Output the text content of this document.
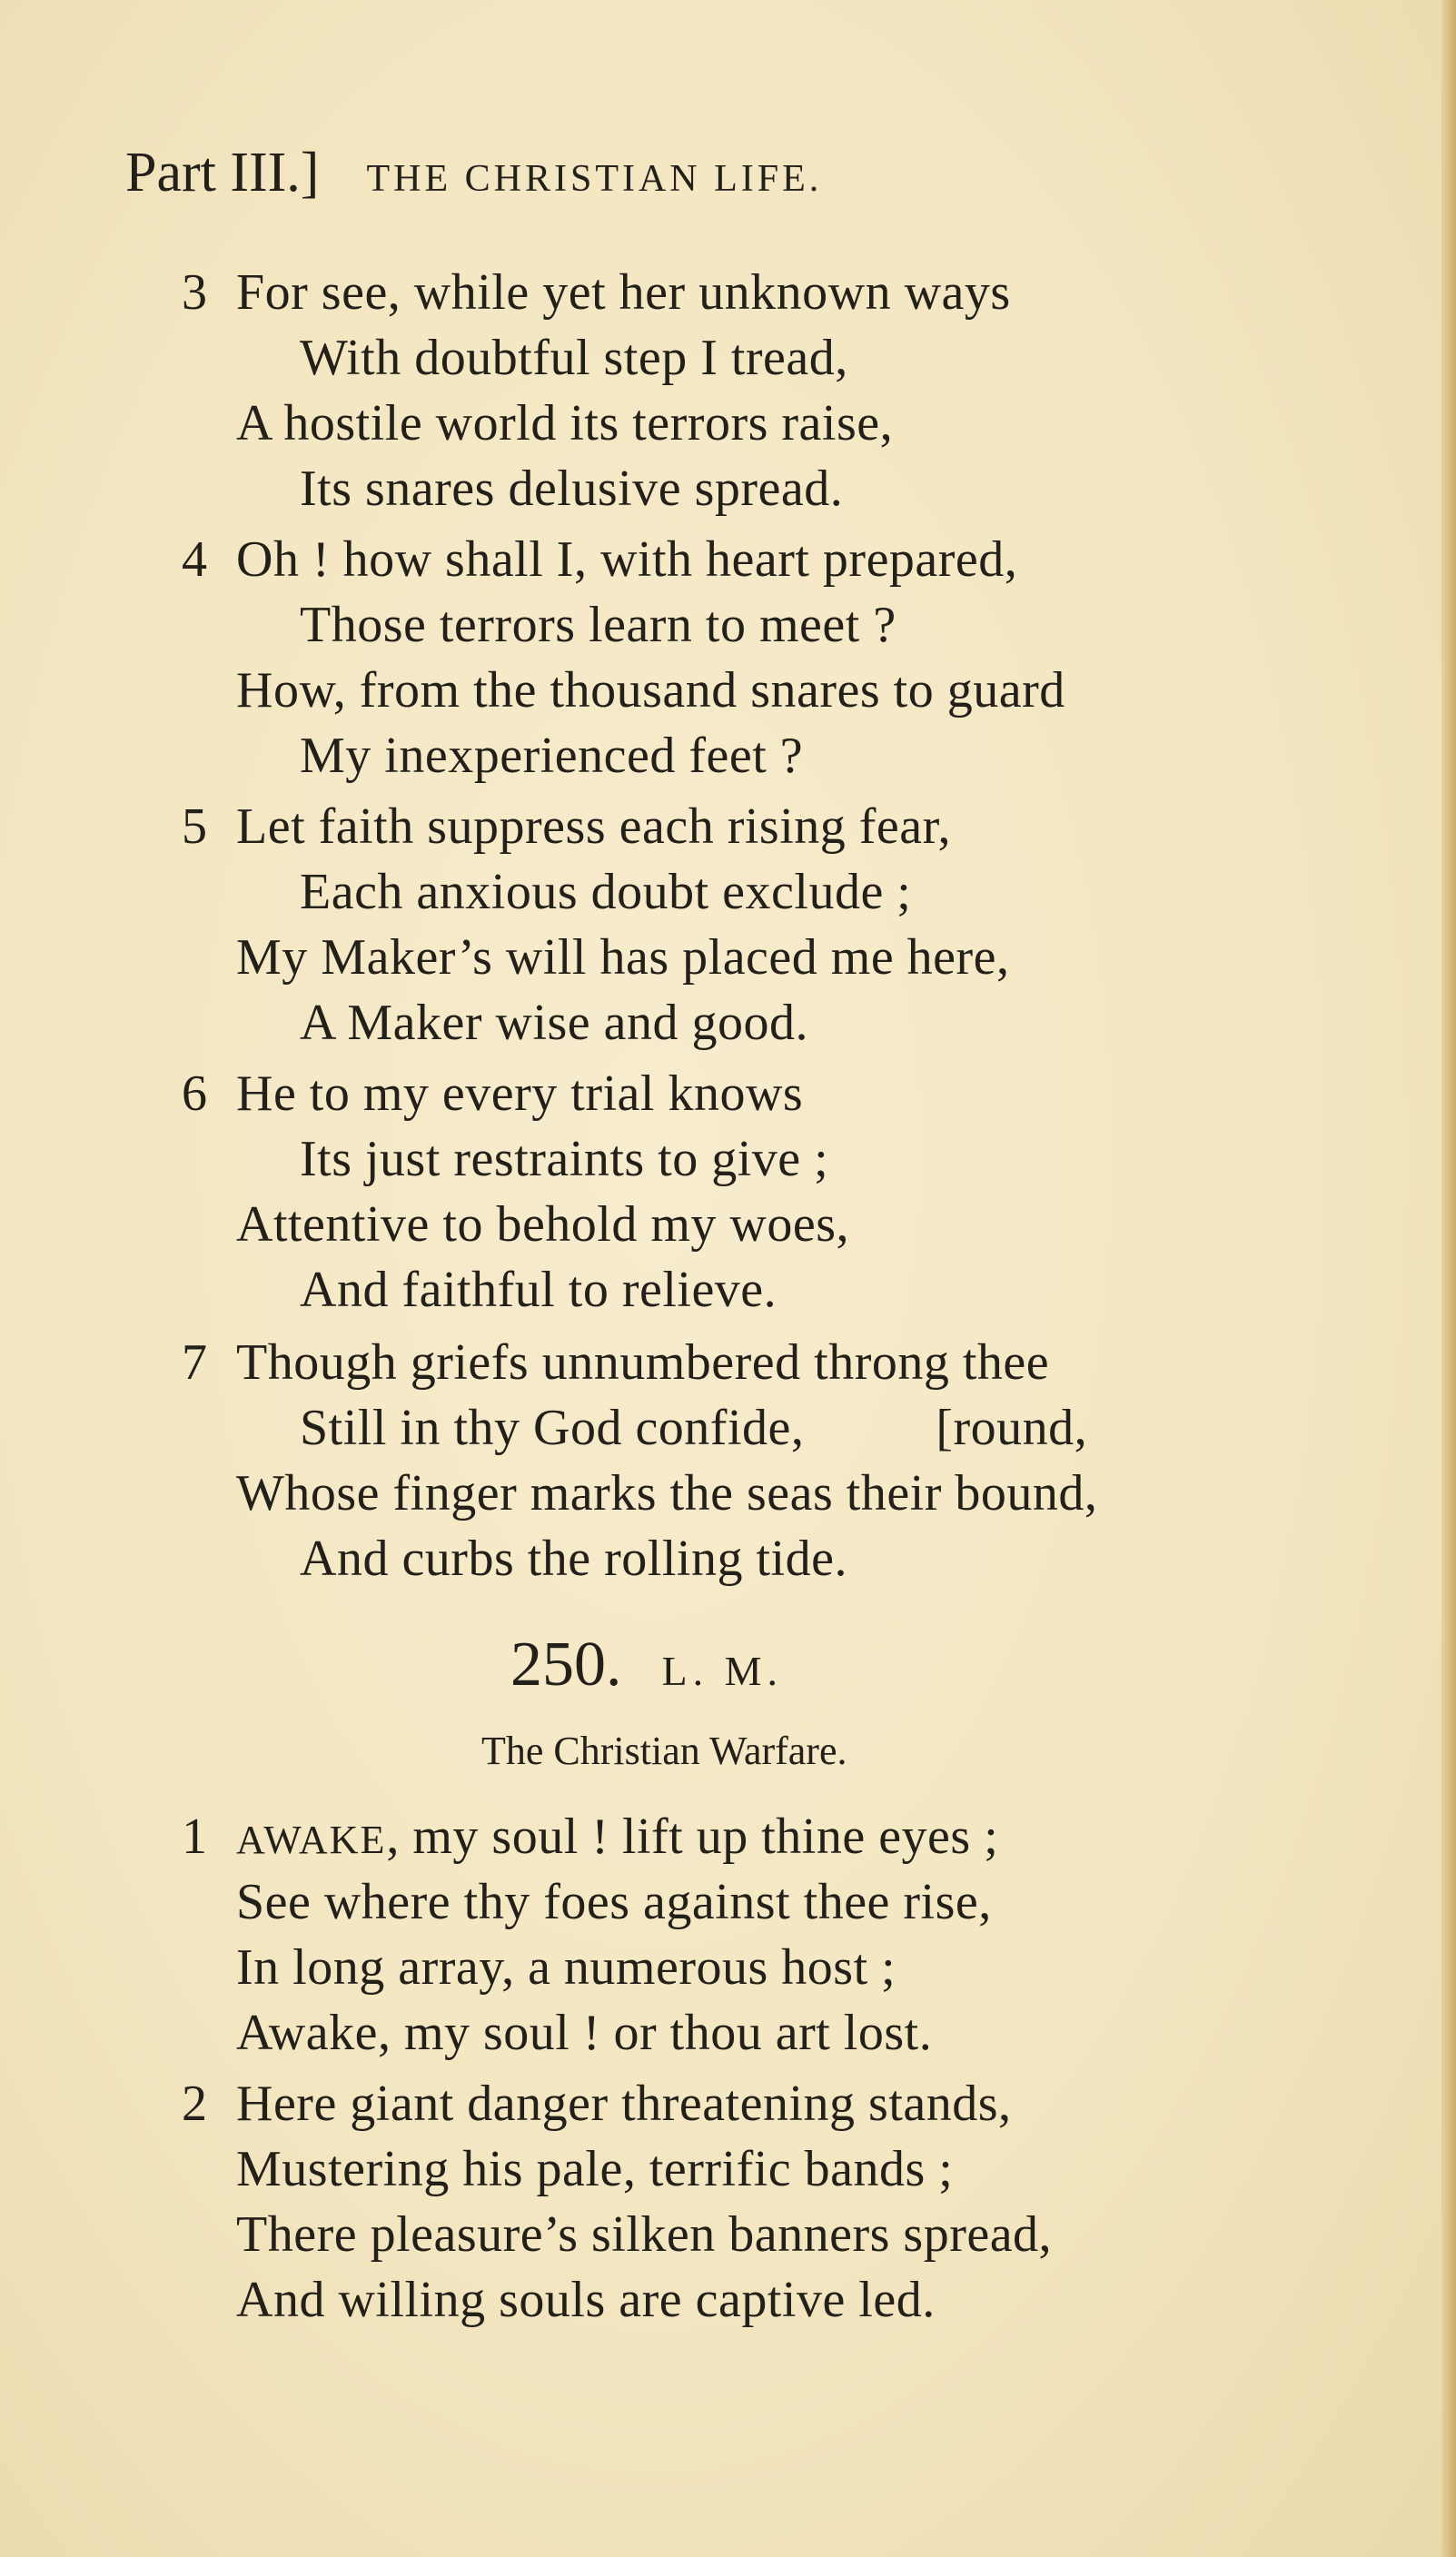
Part III.] THE CHRISTIAN LIFE.
3 For see, while yet her unknown ways
With doubtful step I tread,
A hostile world its terrors raise,
Its snares delusive spread.
4 Oh ! how shall I, with heart prepared,
Those terrors learn to meet ?
How, from the thousand snares to guard
My inexperienced feet ?
5 Let faith suppress each rising fear,
Each anxious doubt exclude ;
My Maker’s will has placed me here,
A Maker wise and good.
6 He to my every trial knows
Its just restraints to give ;
Attentive to behold my woes,
And faithful to relieve.
7 Though griefs unnumbered throng thee
Still in thy God confide,          [round,
Whose finger marks the seas their bound,
And curbs the rolling tide.
250. L. M.
The Christian Warfare.
1 AWAKE, my soul ! lift up thine eyes ;
See where thy foes against thee rise,
In long array, a numerous host ;
Awake, my soul ! or thou art lost.
2 Here giant danger threatening stands,
Mustering his pale, terrific bands ;
There pleasure’s silken banners spread,
And willing souls are captive led.
